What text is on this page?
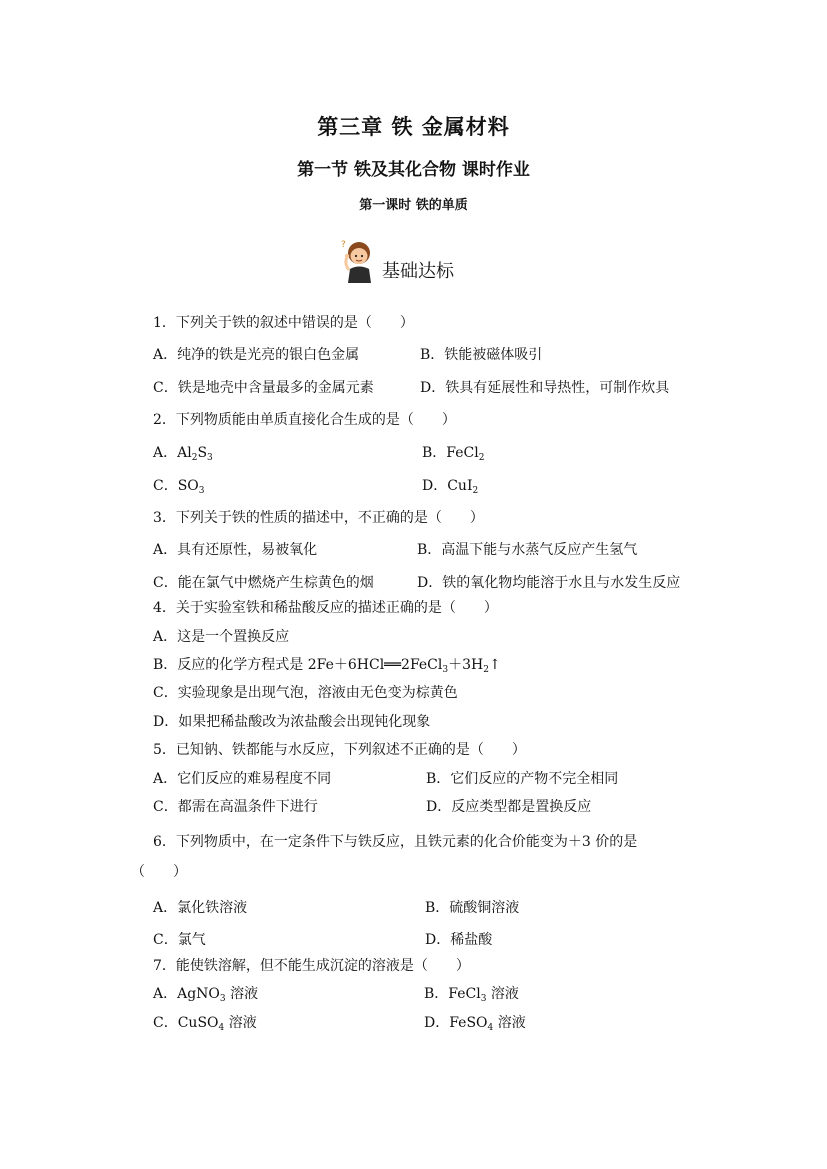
第三章 铁 金属材料
第一节 铁及其化合物 课时作业
第一课时 铁的单质
?
基础达标
1．下列关于铁的叙述中错误的是（　　）
A．纯净的铁是光亮的银白色金属	B．铁能被磁体吸引
C．铁是地壳中含量最多的金属元素	D．铁具有延展性和导热性，可制作炊具
2．下列物质能由单质直接化合生成的是（　　）
A．$Al_2S_3$	B．FeCl$_2$
C．$SO_3$	D．CuI$_2$
3．下列关于铁的性质的描述中，不正确的是（　　）
A．具有还原性，易被氧化	B．高温下能与水蒸气反应产生氢气
C．能在氯气中燃烧产生棕黄色的烟	D．铁的氧化物均能溶于水且与水发生反应
4．关于实验室铁和稀盐酸反应的描述正确的是（　　）
A．这是一个置换反应
B．反应的化学方程式是 $2Fe+6HCl══2FeCl_3+3H_2↑$
C．实验现象是出现气泡，溶液由无色变为棕黄色
D．如果把稀盐酸改为浓盐酸会出现钝化现象
5．已知钠、铁都能与水反应，下列叙述不正确的是（　　）
A．它们反应的难易程度不同	B．它们反应的产物不完全相同
C．都需在高温条件下进行	D．反应类型都是置换反应
6．下列物质中，在一定条件下与铁反应，且铁元素的化合价能变为＋3 价的是
（　　）
A．氯化铁溶液	B．硫酸铜溶液
C．氯气	D．稀盐酸
7．能使铁溶解，但不能生成沉淀的溶液是（　　）
A．AgNO$_3$ 溶液	B．FeCl$_3$ 溶液
C．CuSO$_4$ 溶液	D．FeSO$_4$ 溶液
